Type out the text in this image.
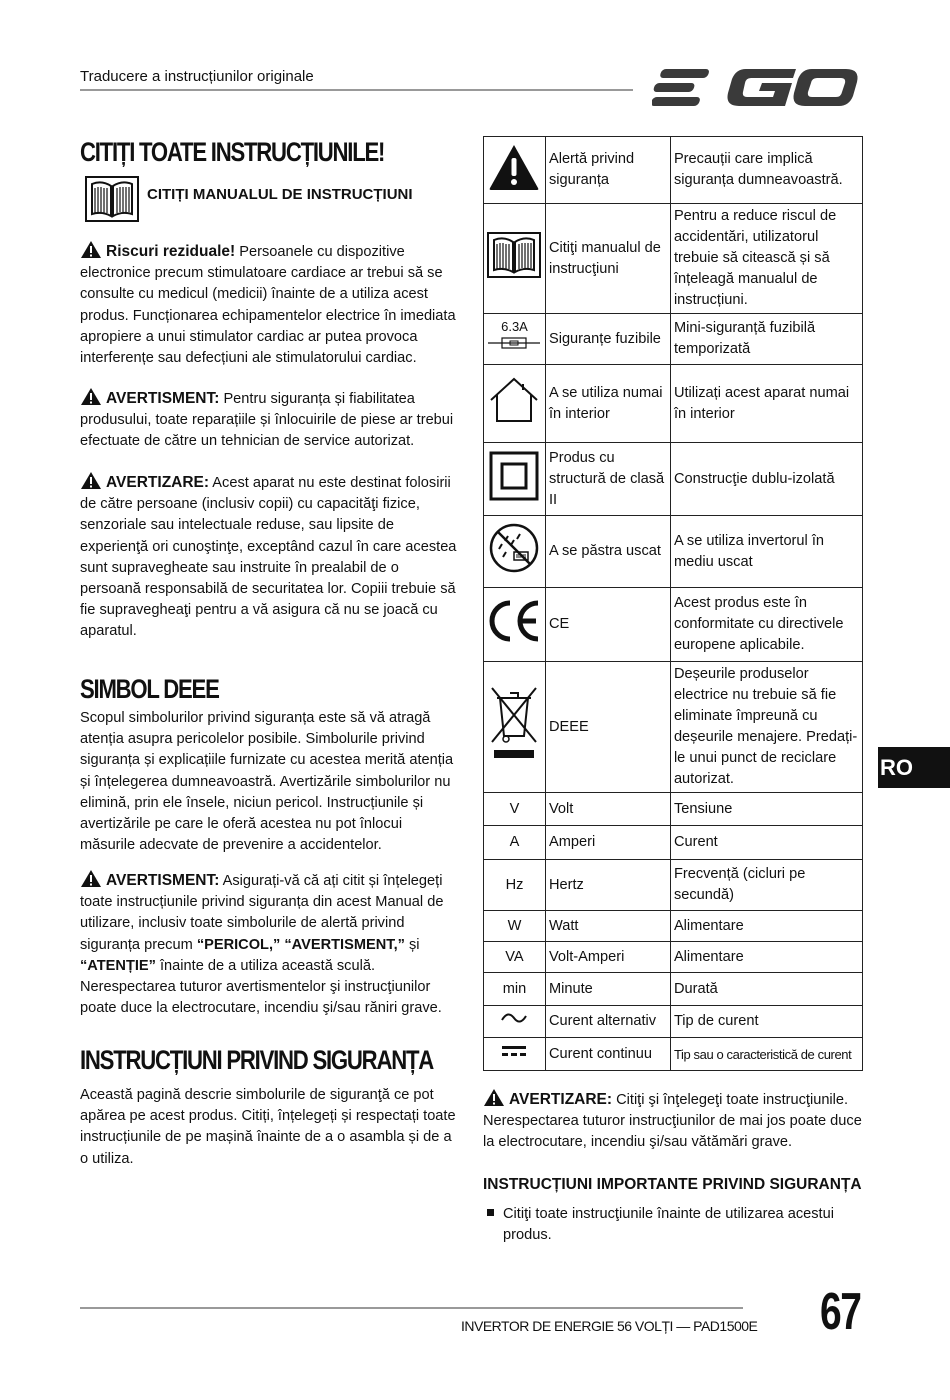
Traducere a instrucțiunilor originale
CITIȚI TOATE INSTRUCȚIUNILE!
CITIȚI MANUALUL DE INSTRUCȚIUNI
Riscuri reziduale! Persoanele cu dispozitive electronice precum stimulatoare cardiace ar trebui să se consulte cu medicul (medicii) înainte de a utiliza acest produs. Funcționarea echipamentelor electrice în imediata apropiere a unui stimulator cardiac ar putea provoca interferențe sau defecțiuni ale stimulatorului cardiac.
AVERTISMENT: Pentru siguranța și fiabilitatea produsului, toate reparațiile și înlocuirile de piese ar trebui efectuate de către un tehnician de service autorizat.
AVERTIZARE: Acest aparat nu este destinat folosirii de către persoane (inclusiv copii) cu capacităţi fizice, senzoriale sau intelectuale reduse, sau lipsite de experienţă ori cunoştinţe, exceptând cazul în care acestea sunt supravegheate sau instruite în prealabil de o persoană responsabilă de securitatea lor. Copiii trebuie să fie supravegheaţi pentru a vă asigura că nu se joacă cu aparatul.
SIMBOL DEEE
Scopul simbolurilor privind siguranța este să vă atragă atenția asupra pericolelor posibile. Simbolurile privind siguranța și explicațiile furnizate cu acestea merită atenția și înțelegerea dumneavoastră. Avertizările simbolurilor nu elimină, prin ele însele, niciun pericol. Instrucțiunile și avertizările pe care le oferă acestea nu pot înlocui măsurile adecvate de prevenire a accidentelor.
AVERTISMENT: Asigurați-vă că ați citit și înțelegeți toate instrucțiunile privind siguranța din acest Manual de utilizare, inclusiv toate simbolurile de alertă privind siguranța precum “PERICOL,” “AVERTISMENT,” și “ATENȚIE” înainte de a utiliza această sculă. Nerespectarea tuturor avertismentelor şi instrucţiunilor poate duce la electrocutare, incendiu şi/sau răniri grave.
INSTRUCȚIUNI PRIVIND SIGURANȚA
Această pagină descrie simbolurile de siguranţă ce pot apărea pe acest produs. Citiți, înțelegeți și respectați toate instrucțiunile de pe mașină înainte de a o asambla și de a o utiliza.
	Alertă privind siguranța	Precauții care implică siguranța dumneavoastră.
	Citiţi manualul de instrucţiuni	Pentru a reduce riscul de accidentări, utilizatorul trebuie să citească și să înțeleagă manualul de instrucțiuni.

6.3A	Siguranțe fuzibile	Mini-siguranță fuzibilă temporizată
	A se utiliza numai în interior	Utilizați acest aparat numai în interior
	Produs cu structură de clasă II	Construcţie dublu-izolată
	A se păstra uscat	A se utiliza invertorul în mediu uscat
	CE	Acest produs este în conformitate cu directivele europene aplicabile.
	DEEE	Deșeurile produselor electrice nu trebuie să fie eliminate împreună cu deșeurile menajere. Predați-le unui punct de reciclare autorizat.
V	Volt	Tensiune
A	Amperi	Curent
Hz	Hertz	Frecvență (cicluri pe secundă)
W	Watt	Alimentare
VA	Volt-Amperi	Alimentare
min	Minute	Durată
	Curent alternativ	Tip de curent
	Curent continuu	Tip sau o caracteristică de curent
AVERTIZARE: Citiţi şi înţelegeţi toate instrucţiunile. Nerespectarea tuturor instrucţiunilor de mai jos poate duce la electrocutare, incendiu şi/sau vătămări grave.
INSTRUCȚIUNI IMPORTANTE PRIVIND SIGURANȚA
Citiţi toate instrucţiunile înainte de utilizarea acestui produs.
RO
INVERTOR DE ENERGIE 56 VOLȚI — PAD1500E 67
